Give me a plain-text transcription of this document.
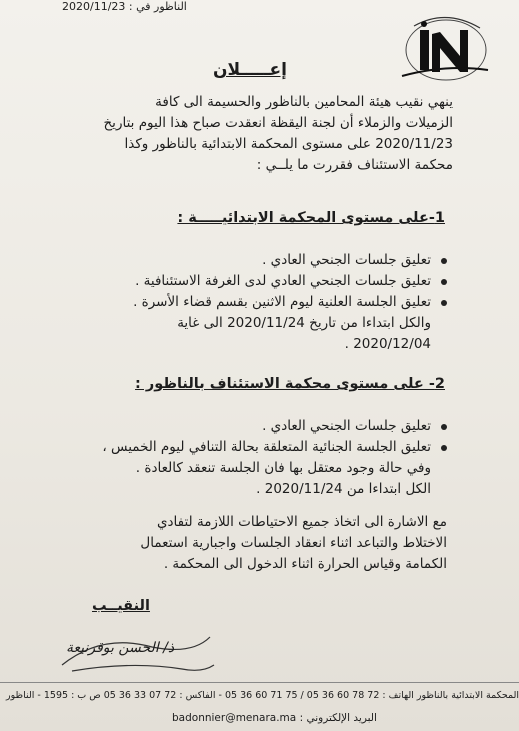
الناظور في : 2020/11/23
إعـــــلان
ينهي نقيب هيئة المحامين بالناظور والحسيمة الى كافة
الزميلات والزملاء أن لجنة اليقظة انعقدت صباح هذا اليوم بتاريخ
2020/11/23 على مستوى المحكمة الابتدائية بالناظور وكذا
محكمة الاستئناف فقررت ما يلــي :
1-على مستوى المحكمة الابتدائيـــــة :
تعليق جلسات الجنحي العادي .
تعليق جلسات الجنحي العادي لدى الغرفة الاستئنافية .
تعليق الجلسة العلنية ليوم الاثنين بقسم قضاء الأسرة .
والكل ابتداءا من تاريخ 2020/11/24 الى غاية
2020/12/04 .
2- على مستوى محكمة الاستئناف بالناظور :
تعليق جلسات الجنحي العادي .
تعليق الجلسة الجنائية المتعلقة بحالة التنافي ليوم الخميس ،
وفي حالة وجود معتقل بها فان الجلسة تنعقد كالعادة .
الكل ابتداءا من 2020/11/24 .
مع الاشارة الى اتخاذ جميع الاحتياطات اللازمة لتفادي
الاختلاط والتباعد اثناء انعقاد الجلسات واجبارية استعمال
الكمامة وقياس الحرارة اثناء الدخول الى المحكمة .
النقيــب
ذ/ الحسن بوقرنيعة
المحكمة الابتدائية بالناظور الهاتف : 72 78 60 36 05 / 75 71 60 36 05 - الفاكس : 72 07 33 36 05 ص ب : 1595 - الناظور
البريد الإلكتروني : badonnier@menara.ma
